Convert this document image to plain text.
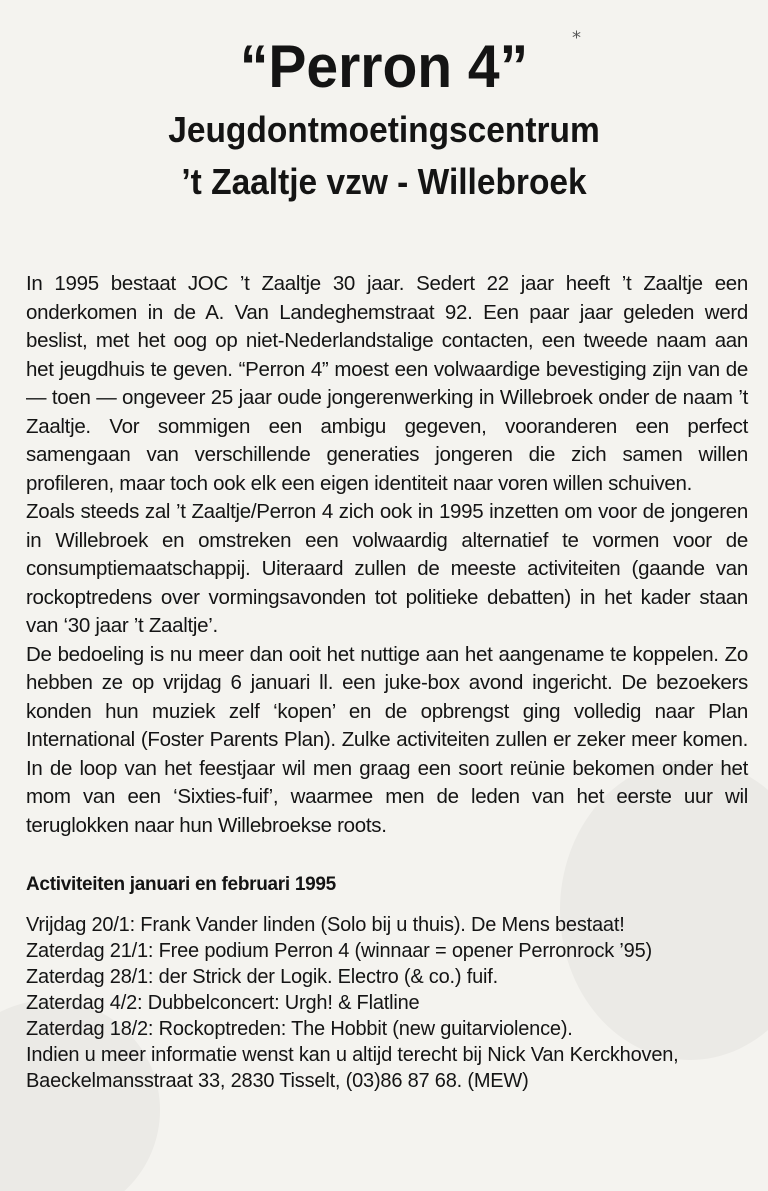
⁎
“Perron 4”
Jeugdontmoetingscentrum
’t Zaaltje vzw - Willebroek

In 1995 bestaat JOC ’t Zaaltje 30 jaar. Sedert 22 jaar heeft ’t Zaaltje een onderkomen in de A. Van Landeghemstraat 92. Een paar jaar geleden werd beslist, met het oog op niet-Nederlandstalige contacten, een tweede naam aan het jeugdhuis te geven. “Perron 4” moest een volwaardige bevestiging zijn van de — toen — ongeveer 25 jaar oude jongerenwerking in Willebroek onder de naam ’t Zaaltje. Vor sommigen een ambigu gegeven, vooranderen een perfect samengaan van verschillende generaties jongeren die zich samen willen profileren, maar toch ook elk een eigen identiteit naar voren willen schuiven.

Zoals steeds zal ’t Zaaltje/Perron 4 zich ook in 1995 inzetten om voor de jongeren in Willebroek en omstreken een volwaardig alternatief te vormen voor de consumptiemaatschappij. Uiteraard zullen de meeste activiteiten (gaande van rockoptredens over vormingsavonden tot politieke debatten) in het kader staan van ‘30 jaar ’t Zaaltje’.

De bedoeling is nu meer dan ooit het nuttige aan het aangename te koppelen. Zo hebben ze op vrijdag 6 januari ll. een juke-box avond ingericht. De bezoekers konden hun muziek zelf ‘kopen’ en de opbrengst ging volledig naar Plan International (Foster Parents Plan). Zulke activiteiten zullen er zeker meer komen. In de loop van het feestjaar wil men graag een soort reünie bekomen onder het mom van een ‘Sixties-fuif’, waarmee men de leden van het eerste uur wil teruglokken naar hun Willebroekse roots.

Activiteiten januari en februari 1995
Vrijdag 20/1: Frank Vander linden (Solo bij u thuis). De Mens bestaat!
Zaterdag 21/1: Free podium Perron 4 (winnaar = opener Perronrock ’95)
Zaterdag 28/1: der Strick der Logik. Electro (& co.) fuif.
Zaterdag 4/2: Dubbelconcert: Urgh! & Flatline
Zaterdag 18/2: Rockoptreden: The Hobbit (new guitarviolence).

Indien u meer informatie wenst kan u altijd terecht bij Nick Van Kerckhoven, Baeckelmansstraat 33, 2830 Tisselt, (03)86 87 68. (MEW)
